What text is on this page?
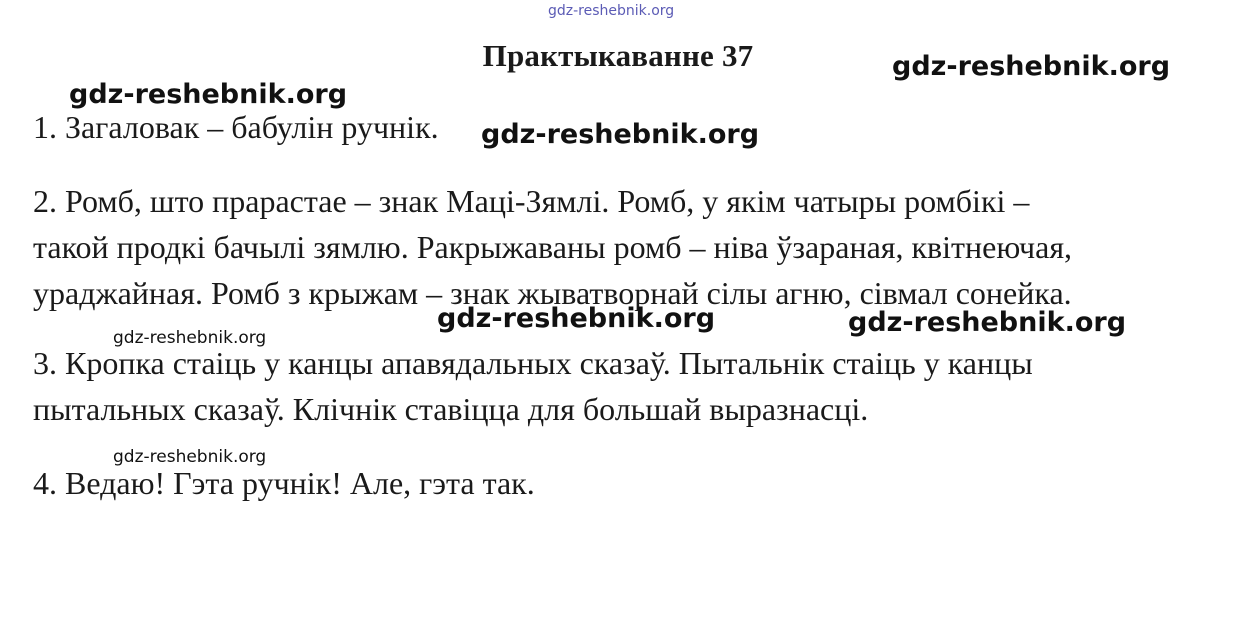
gdz-reshebnik.org
Практыкаванне 37	gdz-reshebnik.org
gdz-reshebnik.org

1. Загаловак – бабулін ручнік. gdz-reshebnik.org

2. Ромб, што прарастае – знак Маці-Зямлі. Ромб, у якім чатыры ромбікі –
такой продкі бачылі зямлю. Ракрыжаваны ромб – ніва ўзараная, квітнеючая,
ураджайная. Ромб з крыжам – знак жыватворнай сілы агню, сівмал сонейка.

gdz-reshebnik.org	gdz-reshebnik.org
gdz-reshebnik.org

3. Кропка стаіць у канцы апавядальных сказаў. Пытальнік стаіць у канцы
пытальных сказаў. Клічнік ставіцца для большай выразнасці.

gdz-reshebnik.org

4. Ведаю! Гэта ручнік! Але, гэта так.
